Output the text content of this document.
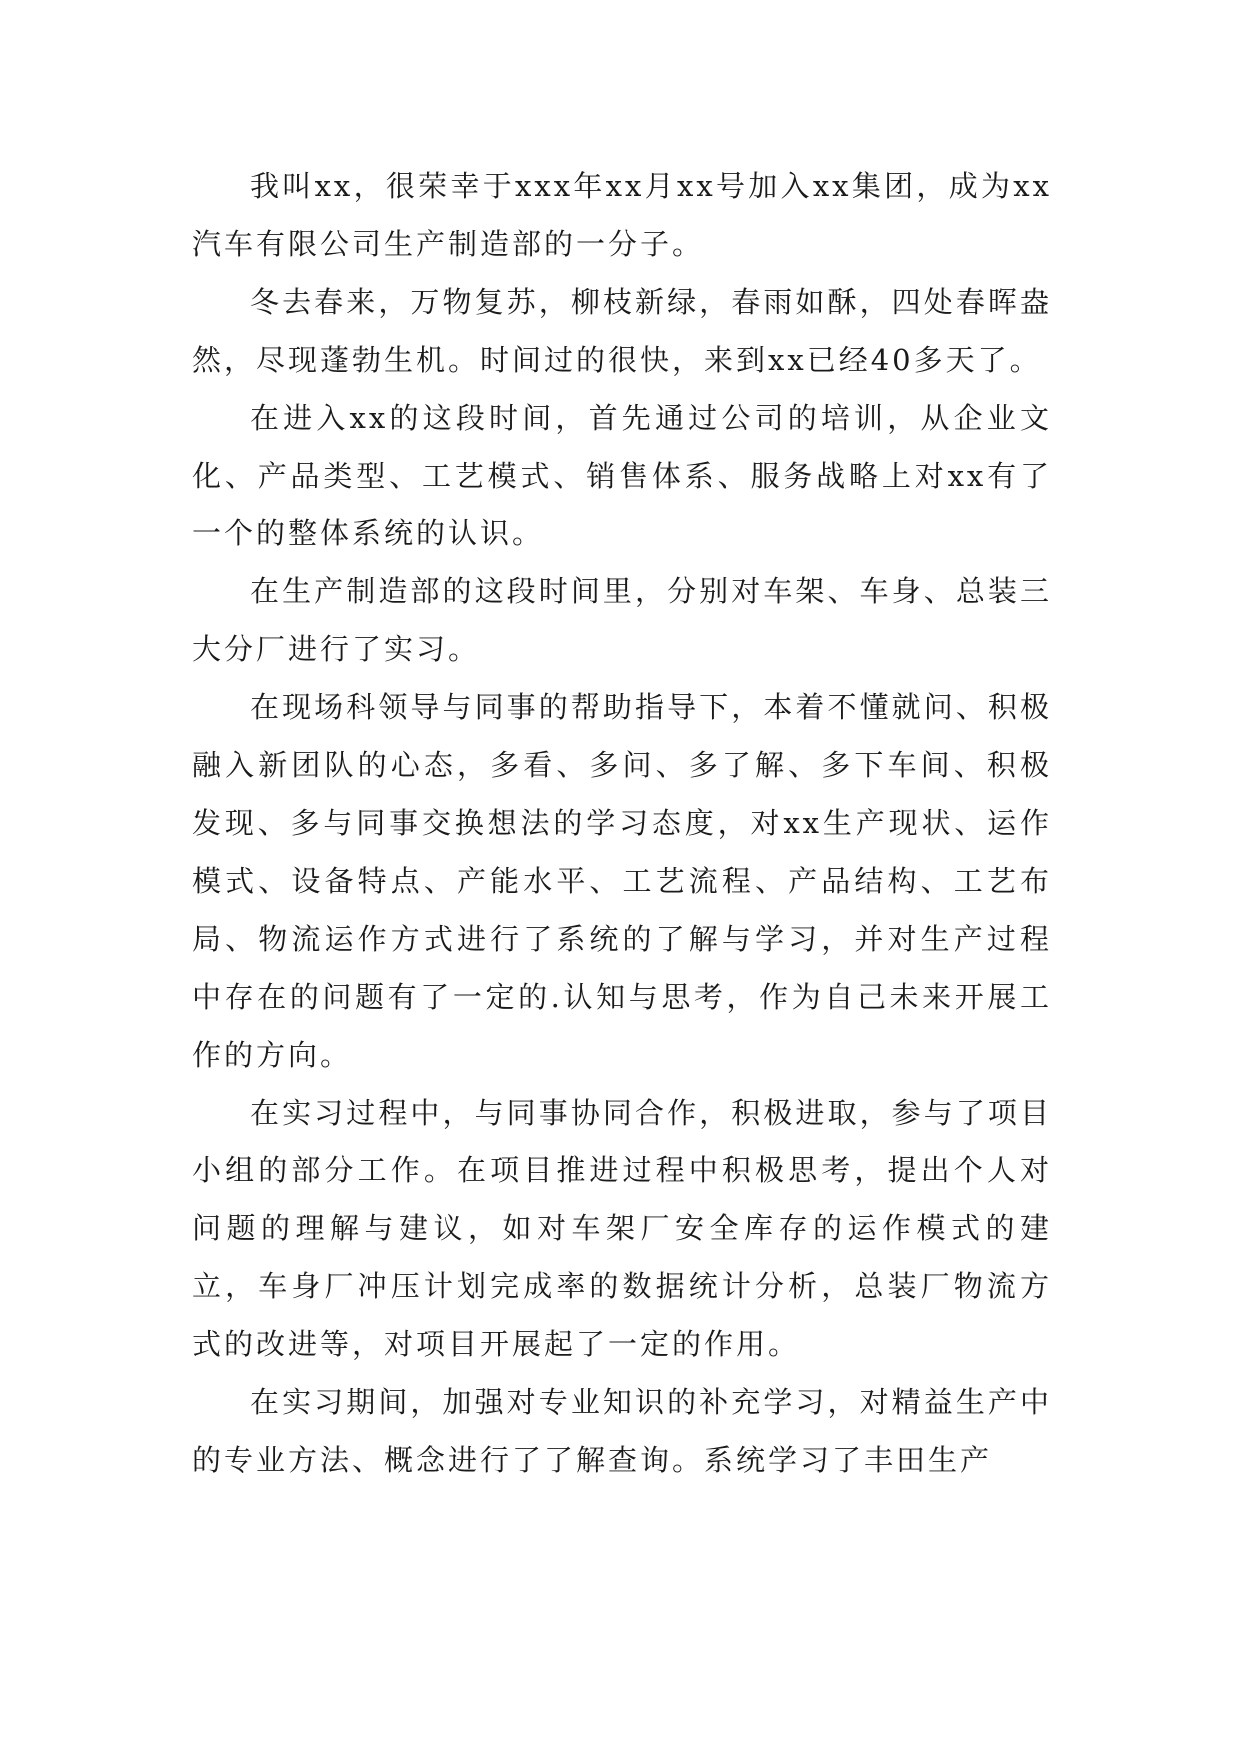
我叫xx，很荣幸于xxx年xx月xx号加入xx集团，成为xx汽车有限公司生产制造部的一分子。

冬去春来，万物复苏，柳枝新绿，春雨如酥，四处春晖盎然，尽现蓬勃生机。时间过的很快，来到xx已经40多天了。

在进入xx的这段时间，首先通过公司的培训，从企业文化、产品类型、工艺模式、销售体系、服务战略上对xx有了一个的整体系统的认识。

在生产制造部的这段时间里，分别对车架、车身、总装三大分厂进行了实习。

在现场科领导与同事的帮助指导下，本着不懂就问、积极融入新团队的心态，多看、多问、多了解、多下车间、积极发现、多与同事交换想法的学习态度，对xx生产现状、运作模式、设备特点、产能水平、工艺流程、产品结构、工艺布局、物流运作方式进行了系统的了解与学习，并对生产过程中存在的问题有了一定的.认知与思考，作为自己未来开展工作的方向。

在实习过程中，与同事协同合作，积极进取，参与了项目小组的部分工作。在项目推进过程中积极思考，提出个人对问题的理解与建议，如对车架厂安全库存的运作模式的建立，车身厂冲压计划完成率的数据统计分析，总装厂物流方式的改进等，对项目开展起了一定的作用。

在实习期间，加强对专业知识的补充学习，对精益生产中的专业方法、概念进行了了解查询。系统学习了丰田生产
